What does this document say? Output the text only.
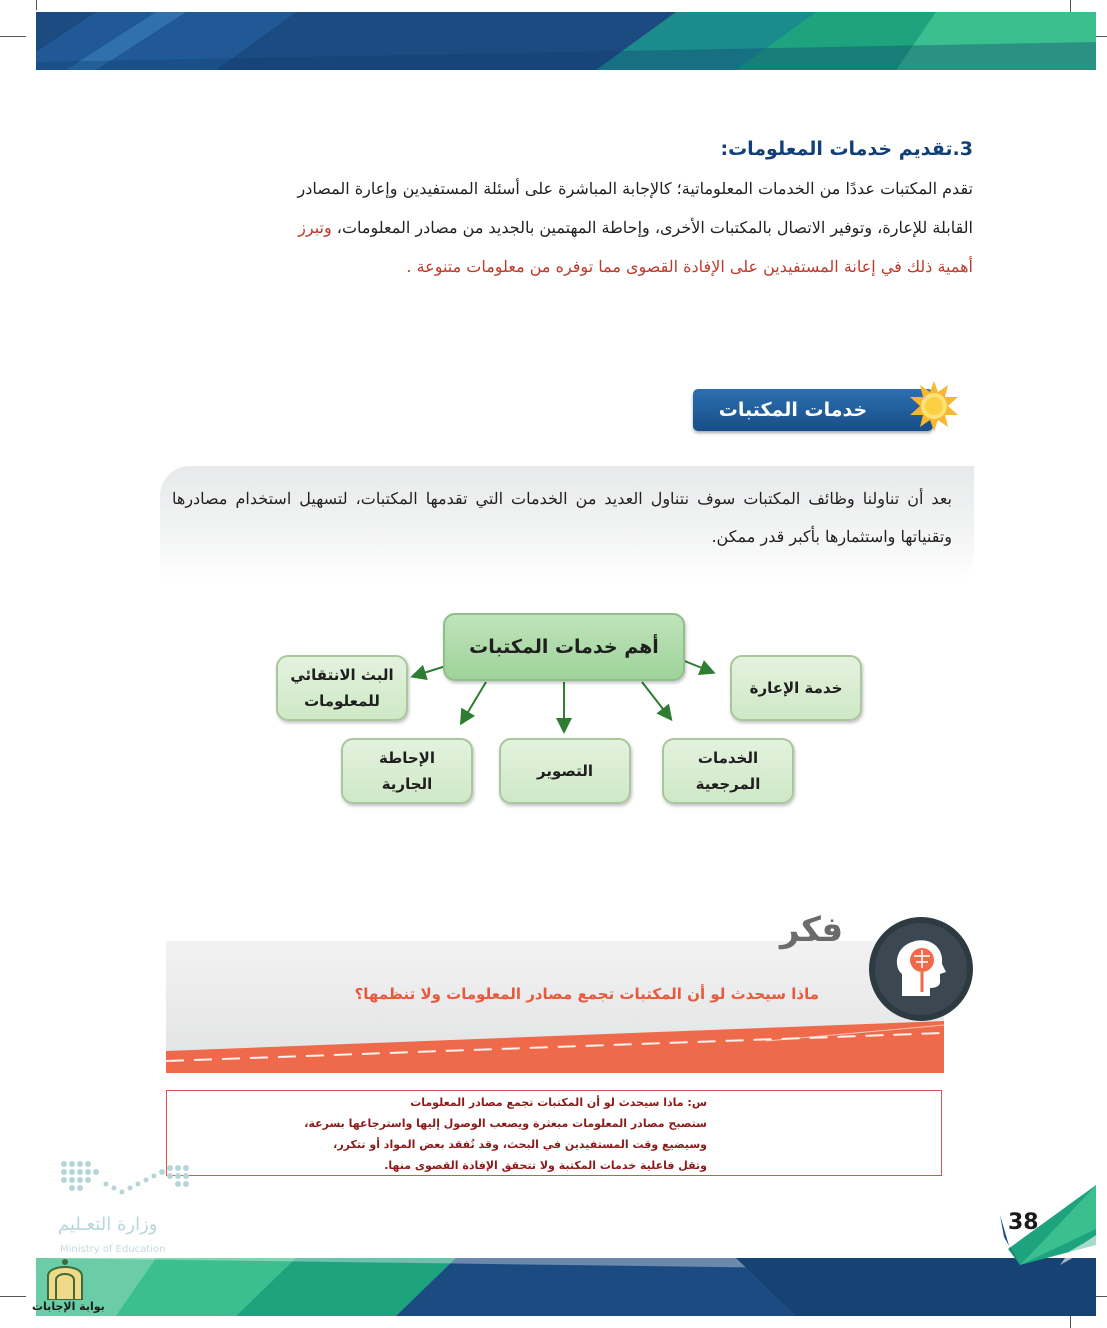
3.تقديم خدمات المعلومات:

تقدم المكتبات عددًا من الخدمات المعلوماتية؛ كالإجابة المباشرة على أسئلة المستفيدين وإعارة المصادر

القابلة للإعارة، وتوفير الاتصال بالمكتبات الأخرى، وإحاطة المهتمين بالجديد من مصادر المعلومات، وتبرز

أهمية ذلك في إعانة المستفيدين على الإفادة القصوى مما توفره من معلومات متنوعة .

خدمات المكتبات

بعد أن تناولنا وظائف المكتبات سوف نتناول العديد من الخدمات التي تقدمها المكتبات، لتسهيل استخدام مصادرها وتقنياتها واستثمارها بأكبر قدر ممكن.

أهم خدمات المكتبات
خدمة الإعارة
البث الانتقائي
للمعلومات
الخدمات
المرجعية
التصوير
الإحاطة
الجارية
فكر
ماذا سيحدث لو أن المكتبات تجمع مصادر المعلومات ولا تنظمها؟
س: ماذا سيحدث لو أن المكتبات تجمع مصادر المعلومات
ستصبح مصادر المعلومات مبعثرة ويصعب الوصول إليها واسترجاعها بسرعة،
وسيضيع وقت المستفيدين في البحث، وقد تُفقد بعض المواد أو تتكرر،
وتقل فاعلية خدمات المكتبة ولا تتحقق الإفادة القصوى منها.
وزارة التعـليم
Ministry of Education
بوابة الإجابات
38
